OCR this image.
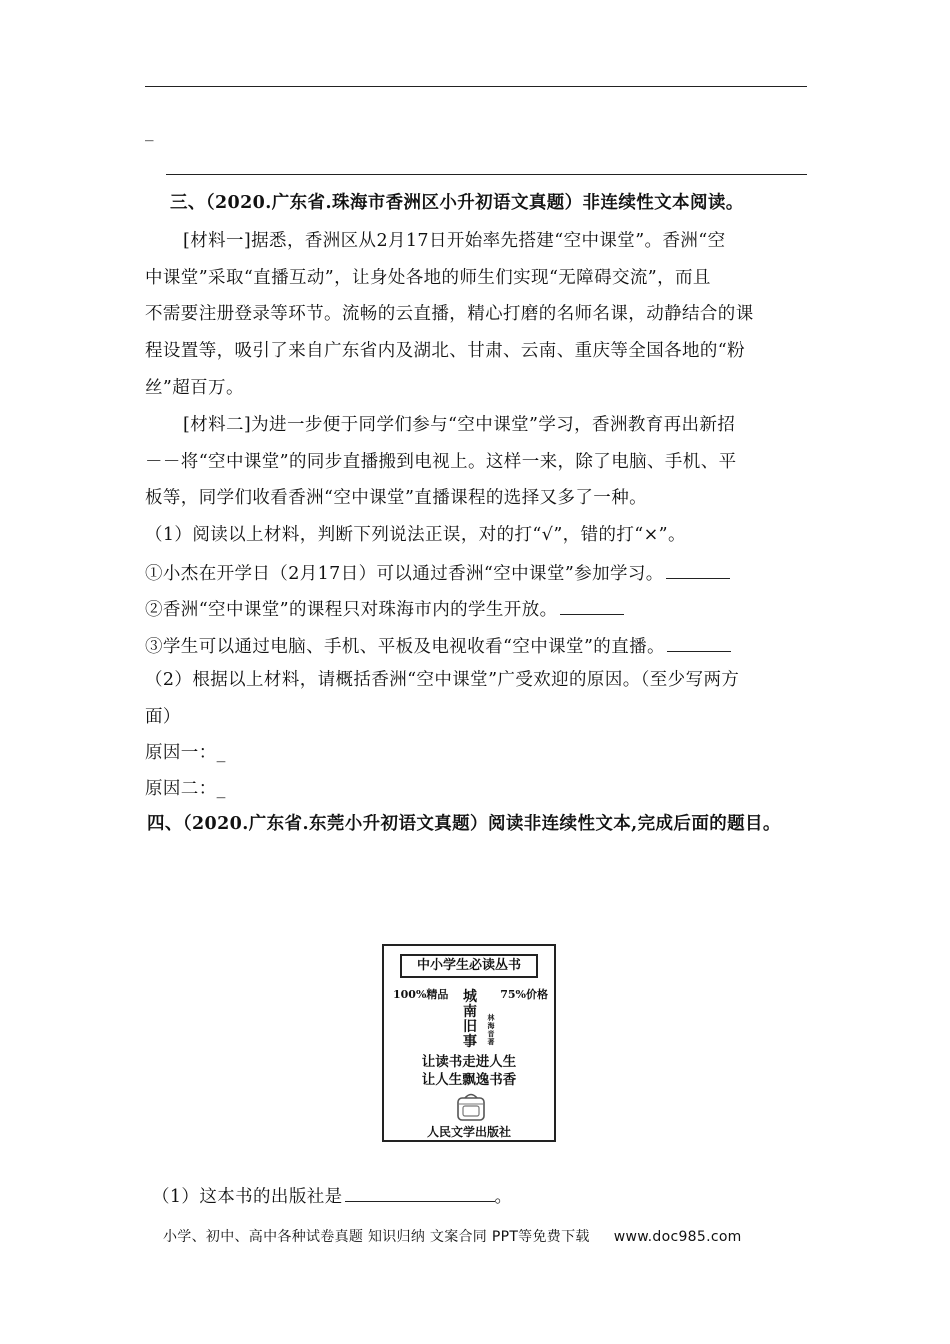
_
三、（2020.广东省.珠海市香洲区小升初语文真题）非连续性文本阅读。
[材料一]据悉，香洲区从2月17日开始率先搭建“空中课堂”。香洲“空
中课堂”采取“直播互动”，让身处各地的师生们实现“无障碍交流”，而且
不需要注册登录等环节。流畅的云直播，精心打磨的名师名课，动静结合的课
程设置等，吸引了来自广东省内及湖北、甘肃、云南、重庆等全国各地的“粉
丝”超百万。
[材料二]为进一步便于同学们参与“空中课堂”学习，香洲教育再出新招
－－将“空中课堂”的同步直播搬到电视上。这样一来，除了电脑、手机、平
板等，同学们收看香洲“空中课堂”直播课程的选择又多了一种。
（1）阅读以上材料，判断下列说法正误，对的打“√”，错的打“×”。
①小杰在开学日（2月17日）可以通过香洲“空中课堂”参加学习。
②香洲“空中课堂”的课程只对珠海市内的学生开放。
③学生可以通过电脑、手机、平板及电视收看“空中课堂”的直播。
（2）根据以上材料，请概括香洲“空中课堂”广受欢迎的原因。（至少写两方
面）
原因一：_
原因二：_
四、（2020.广东省.东莞小升初语文真题）阅读非连续性文本,完成后面的题目。
中小学生必读丛书
100%精品	75%价格
城南旧事
林海音著
让读书走进人生
让人生飘逸书香
人民文学出版社
（1）这本书的出版社是	。
小学、初中、高中各种试卷真题 知识归纳 文案合同 PPT等免费下载 www.doc985.com
